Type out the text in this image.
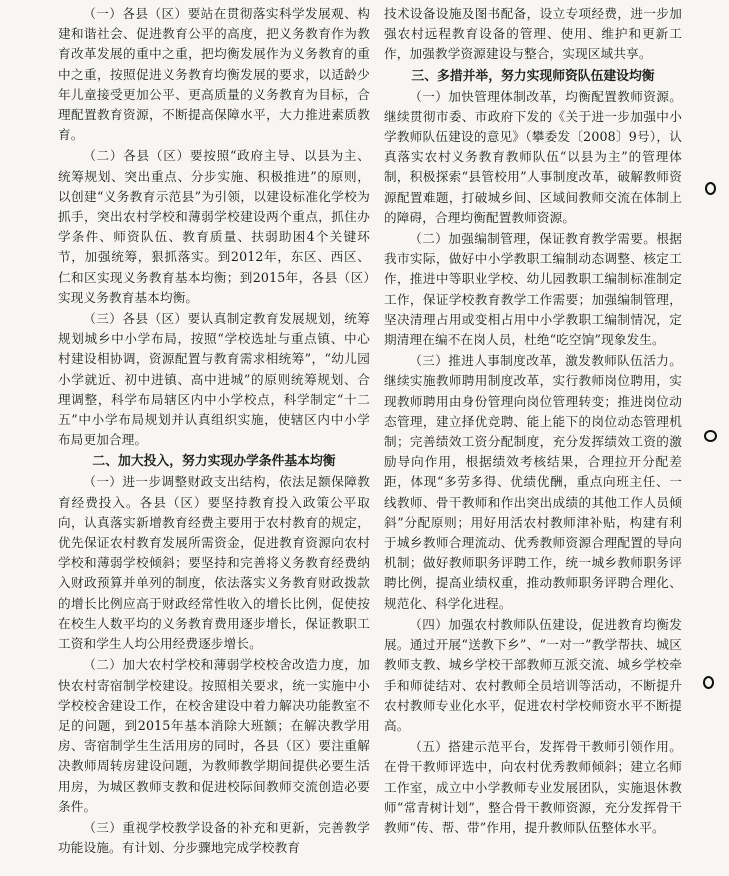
（一）各县（区）要站在贯彻落实科学发展观、构建和谐社会、促进教育公平的高度，把义务教育作为教育改革发展的重中之重，把均衡发展作为义务教育的重中之重，按照促进义务教育均衡发展的要求，以适龄少年儿童接受更加公平、更高质量的义务教育为目标，合理配置教育资源，不断提高保障水平，大力推进素质教育。

（二）各县（区）要按照“政府主导、以县为主、统筹规划、突出重点、分步实施、积极推进”的原则，以创建“义务教育示范县”为引领，以建设标准化学校为抓手，突出农村学校和薄弱学校建设两个重点，抓住办学条件、师资队伍、教育质量、扶弱助困4个关键环节，加强统筹，狠抓落实。到2012年，东区、西区、仁和区实现义务教育基本均衡；到2015年，各县（区）实现义务教育基本均衡。

（三）各县（区）要认真制定教育发展规划，统筹规划城乡中小学布局，按照“学校选址与重点镇、中心村建设相协调，资源配置与教育需求相统筹”，“幼儿园小学就近、初中进镇、高中进城”的原则统筹规划、合理调整，科学布局辖区内中小学校点，科学制定“十二五”中小学布局规划并认真组织实施，使辖区内中小学布局更加合理。

二、加大投入，努力实现办学条件基本均衡

（一）进一步调整财政支出结构，依法足额保障教育经费投入。各县（区）要坚持教育投入政策公平取向，认真落实新增教育经费主要用于农村教育的规定，优先保证农村教育发展所需资金，促进教育资源向农村学校和薄弱学校倾斜；要坚持和完善将义务教育经费纳入财政预算并单列的制度，依法落实义务教育财政拨款的增长比例应高于财政经常性收入的增长比例，促使按在校生人数平均的义务教育费用逐步增长，保证教职工工资和学生人均公用经费逐步增长。

（二）加大农村学校和薄弱学校校舍改造力度，加快农村寄宿制学校建设。按照相关要求，统一实施中小学校校舍建设工作，在校舍建设中着力解决功能教室不足的问题，到2015年基本消除大班额；在解决教学用房、寄宿制学生生活用房的同时，各县（区）要注重解决教师周转房建设问题，为教师教学期间提供必要生活用房，为城区教师支教和促进校际间教师交流创造必要条件。

（三）重视学校教学设备的补充和更新，完善教学功能设施。有计划、分步骤地完成学校教育

技术设备设施及图书配备，设立专项经费，进一步加强农村远程教育设备的管理、使用、维护和更新工作，加强教学资源建设与整合，实现区域共享。

三、多措并举，努力实现师资队伍建设均衡

（一）加快管理体制改革，均衡配置教师资源。继续贯彻市委、市政府下发的《关于进一步加强中小学教师队伍建设的意见》（攀委发〔2008〕9号），认真落实农村义务教育教师队伍“以县为主”的管理体制，积极探索“县管校用”人事制度改革，破解教师资源配置难题，打破城乡间、区域间教师交流在体制上的障碍，合理均衡配置教师资源。

（二）加强编制管理，保证教育教学需要。根据我市实际，做好中小学教职工编制动态调整、核定工作，推进中等职业学校、幼儿园教职工编制标准制定工作，保证学校教育教学工作需要；加强编制管理，坚决清理占用或变相占用中小学教职工编制情况，定期清理在编不在岗人员，杜绝“吃空饷”现象发生。

（三）推进人事制度改革，激发教师队伍活力。继续实施教师聘用制度改革，实行教师岗位聘用，实现教师聘用由身份管理向岗位管理转变；推进岗位动态管理，建立择优竞聘、能上能下的岗位动态管理机制；完善绩效工资分配制度，充分发挥绩效工资的激励导向作用，根据绩效考核结果，合理拉开分配差距，体现“多劳多得、优绩优酬，重点向班主任、一线教师、骨干教师和作出突出成绩的其他工作人员倾斜”分配原则；用好用活农村教师津补贴，构建有利于城乡教师合理流动、优秀教师资源合理配置的导向机制；做好教师职务评聘工作，统一城乡教师职务评聘比例，提高业绩权重，推动教师职务评聘合理化、规范化、科学化进程。

（四）加强农村教师队伍建设，促进教育均衡发展。通过开展“送教下乡”、“一对一”教学帮扶、城区教师支教、城乡学校干部教师互派交流、城乡学校牵手和师徒结对、农村教师全员培训等活动，不断提升农村教师专业化水平，促进农村学校师资水平不断提高。

（五）搭建示范平台，发挥骨干教师引领作用。在骨干教师评选中，向农村优秀教师倾斜；建立名师工作室，成立中小学教师专业发展团队，实施退休教师“常青树计划”，整合骨干教师资源，充分发挥骨干教师“传、帮、带”作用，提升教师队伍整体水平。
